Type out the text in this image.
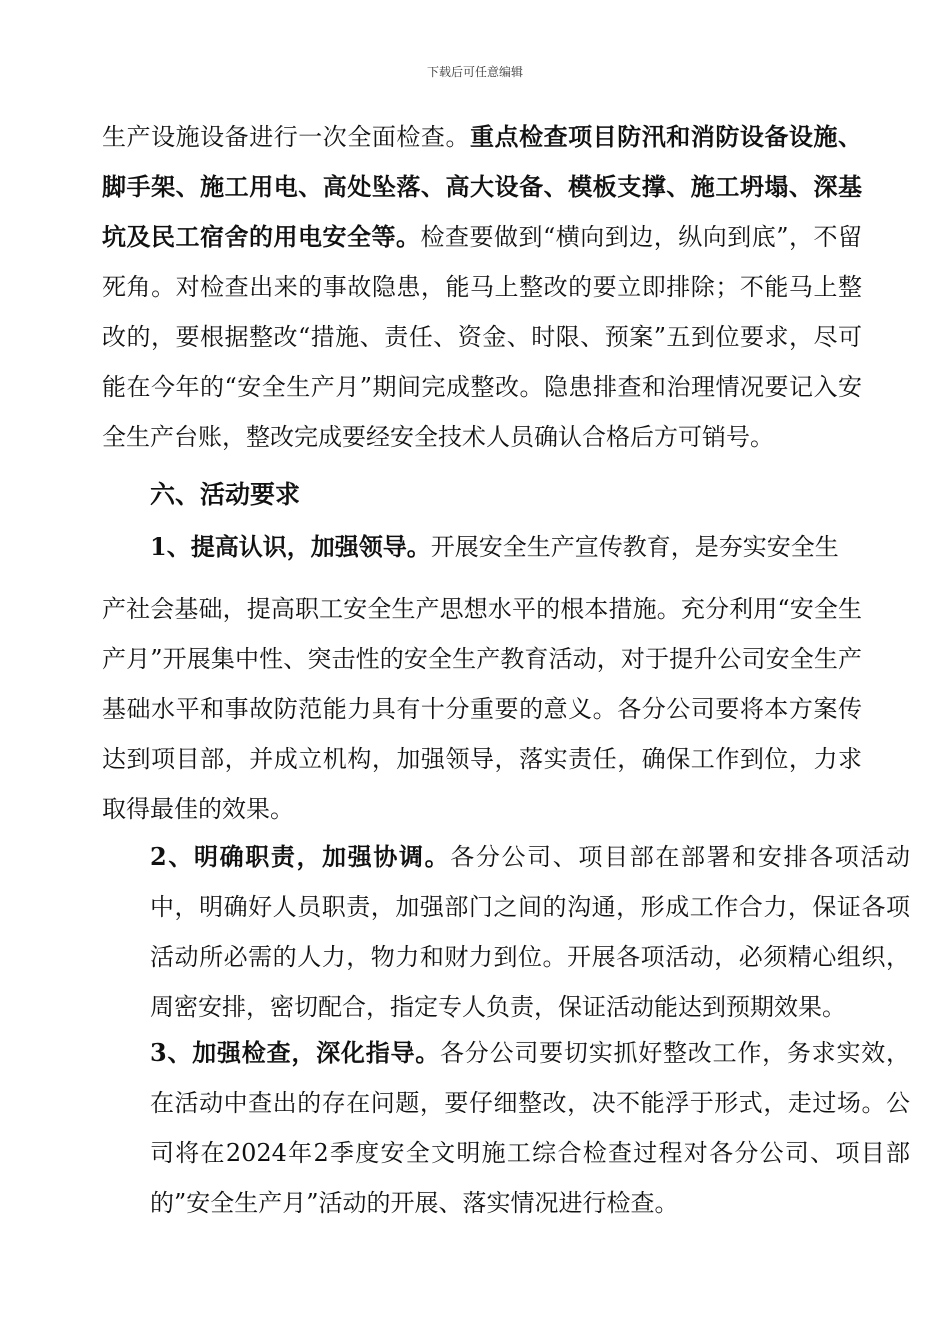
下载后可任意编辑
生产设施设备进行一次全面检查。重点检查项目防汛和消防设备设施、脚手架、施工用电、高处坠落、高大设备、模板支撑、施工坍塌、深基坑及民工宿舍的用电安全等。检查要做到“横向到边，纵向到底”，不留死角。对检查出来的事故隐患，能马上整改的要立即排除；不能马上整改的，要根据整改“措施、责任、资金、时限、预案”五到位要求，尽可能在今年的“安全生产月”期间完成整改。隐患排查和治理情况要记入安全生产台账，整改完成要经安全技术人员确认合格后方可销号。
六、活动要求
1、提高认识，加强领导。开展安全生产宣传教育，是夯实安全生
产社会基础，提高职工安全生产思想水平的根本措施。充分利用“安全生产月”开展集中性、突击性的安全生产教育活动，对于提升公司安全生产基础水平和事故防范能力具有十分重要的意义。各分公司要将本方案传达到项目部，并成立机构，加强领导，落实责任，确保工作到位，力求取得最佳的效果。
2、明确职责，加强协调。各分公司、项目部在部署和安排各项活动中，明确好人员职责，加强部门之间的沟通，形成工作合力，保证各项活动所必需的人力，物力和财力到位。开展各项活动，必须精心组织，周密安排，密切配合，指定专人负责，保证活动能达到预期效果。
3、加强检查，深化指导。各分公司要切实抓好整改工作，务求实效，在活动中查出的存在问题，要仔细整改，决不能浮于形式，走过场。公司将在2024年2季度安全文明施工综合检查过程对各分公司、项目部的”安全生产月”活动的开展、落实情况进行检查。
